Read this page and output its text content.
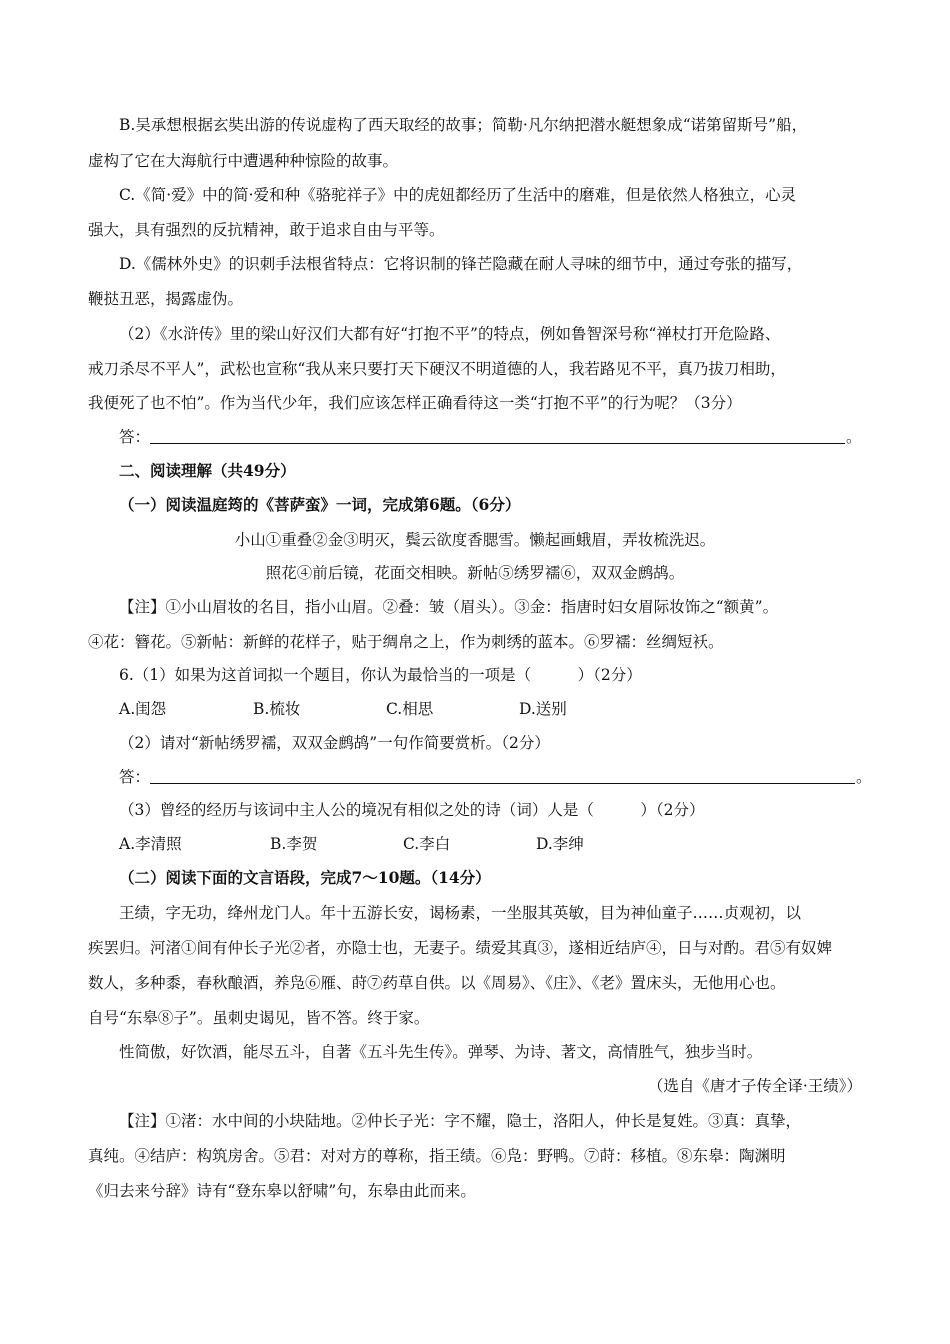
B.吴承想根据玄奘出游的传说虚构了西天取经的故事；简勒·凡尔纳把潜水艇想象成“诺第留斯号”船，
虚构了它在大海航行中遭遇种种惊险的故事。
C.《简·爱》中的简·爱和种《骆驼祥子》中的虎妞都经历了生活中的磨难，但是依然人格独立，心灵
强大，具有强烈的反抗精神，敢于追求自由与平等。
D.《儒林外史》的识刺手法根省特点：它将识制的锋芒隐藏在耐人寻味的细节中，通过夸张的描写，
鞭挞丑恶，揭露虚伪。
（2）《水浒传》里的梁山好汉们大都有好“打抱不平”的特点，例如鲁智深号称“禅杖打开危险路、
戒刀杀尽不平人”，武松也宣称“我从来只要打天下硬汉不明道德的人，我若路见不平，真乃拔刀相助，
我便死了也不怕”。作为当代少年，我们应该怎样正确看待这一类“打抱不平”的行为呢？（3分）
答：	。
二、阅读理解（共49分）
（一）阅读温庭筠的《菩萨蛮》一词，完成第6题。（6分）
小山①重叠②金③明灭，鬓云欲度香腮雪。懒起画蛾眉，弄妆梳洗迟。
照花④前后镜，花面交相映。新帖⑤绣罗襦⑥，双双金鹧鸪。
【注】①小山眉妆的名目，指小山眉。②叠：皱（眉头）。③金：指唐时妇女眉际妆饰之“额黄”。
④花：簪花。⑤新帖：新鲜的花样子，贴于绸帛之上，作为刺绣的蓝本。⑥罗襦：丝绸短袄。
6.（1）如果为这首词拟一个题目，你认为最恰当的一项是（　　　）（2分）
A.闺怨	B.梳妆	C.相思	D.送别
（2）请对“新帖绣罗襦，双双金鹧鸪”一句作简要赏析。（2分）
答：	。
（3）曾经的经历与该词中主人公的境况有相似之处的诗（词）人是（　　　）（2分）
A.李清照	B.李贺	C.李白	D.李绅
（二）阅读下面的文言语段，完成7～10题。（14分）
王绩，字无功，绛州龙门人。年十五游长安，谒杨素，一坐服其英敏，目为神仙童子……贞观初，以
疾罢归。河渚①间有仲长子光②者，亦隐士也，无妻子。绩爱其真③，遂相近结庐④，日与对酌。君⑤有奴婢
数人，多种黍，春秋酿酒，养凫⑥雁、莳⑦药草自供。以《周易》、《庄》、《老》置床头，无他用心也。
自号“东皋⑧子”。虽刺史谒见，皆不答。终于家。
性简傲，好饮酒，能尽五斗，自著《五斗先生传》。弹琴、为诗、著文，高情胜气，独步当时。
（选自《唐才子传全译·王绩》）
【注】①渚：水中间的小块陆地。②仲长子光：字不耀，隐士，洛阳人，仲长是复姓。③真：真挚，
真纯。④结庐：构筑房舍。⑤君：对对方的尊称，指王绩。⑥凫：野鸭。⑦莳：移植。⑧东皋：陶渊明
《归去来兮辞》诗有“登东皋以舒啸”句，东皋由此而来。
